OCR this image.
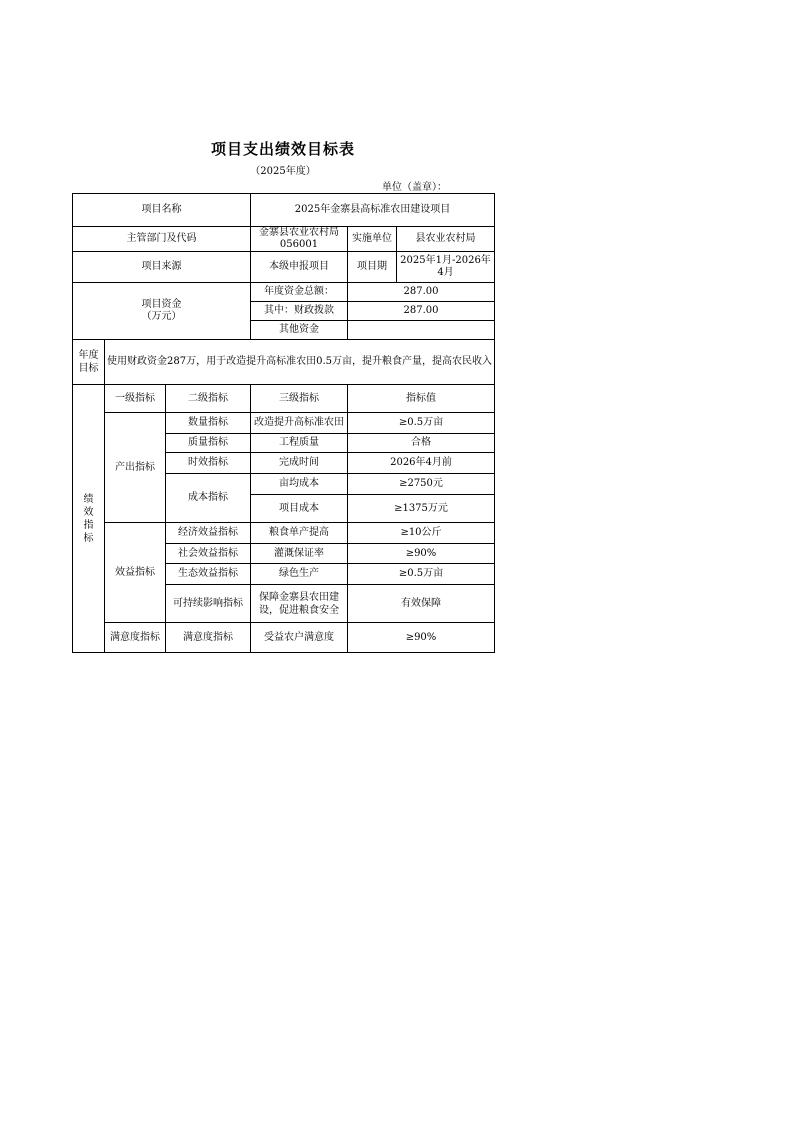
项目支出绩效目标表
（2025年度）
单位（盖章）：
项目名称			2025年金寨县高标准农田建设项目		
主管部门及代码			金寨县农业农村局056001	实施单位	县农业农村局
项目来源			本级申报项目	项目期	2025年1月-2026年4月

项目资金
（万元）			年度资金总额：	287.00	
			其中：财政拨款	287.00	
			其他资金		

年度目标	使用财政资金287万，用于改造提升高标准农田0.5万亩，提升粮食产量，提高农民收入				

绩效指标	一级指标	二级指标	三级指标	指标值	
	产出指标	数量指标	改造提升高标准农田	≥0.5万亩	
		质量指标	工程质量	合格	
		时效指标	完成时间	2026年4月前	
		成本指标	亩均成本	≥2750元	
			项目成本	≥1375万元	
	效益指标	经济效益指标	粮食单产提高	≥10公斤	
		社会效益指标	灌溉保证率	≥90%	
		生态效益指标	绿色生产	≥0.5万亩	
		可持续影响指标	保障金寨县农田建设，促进粮食安全	有效保障	
	满意度指标	满意度指标	受益农户满意度	≥90%	
